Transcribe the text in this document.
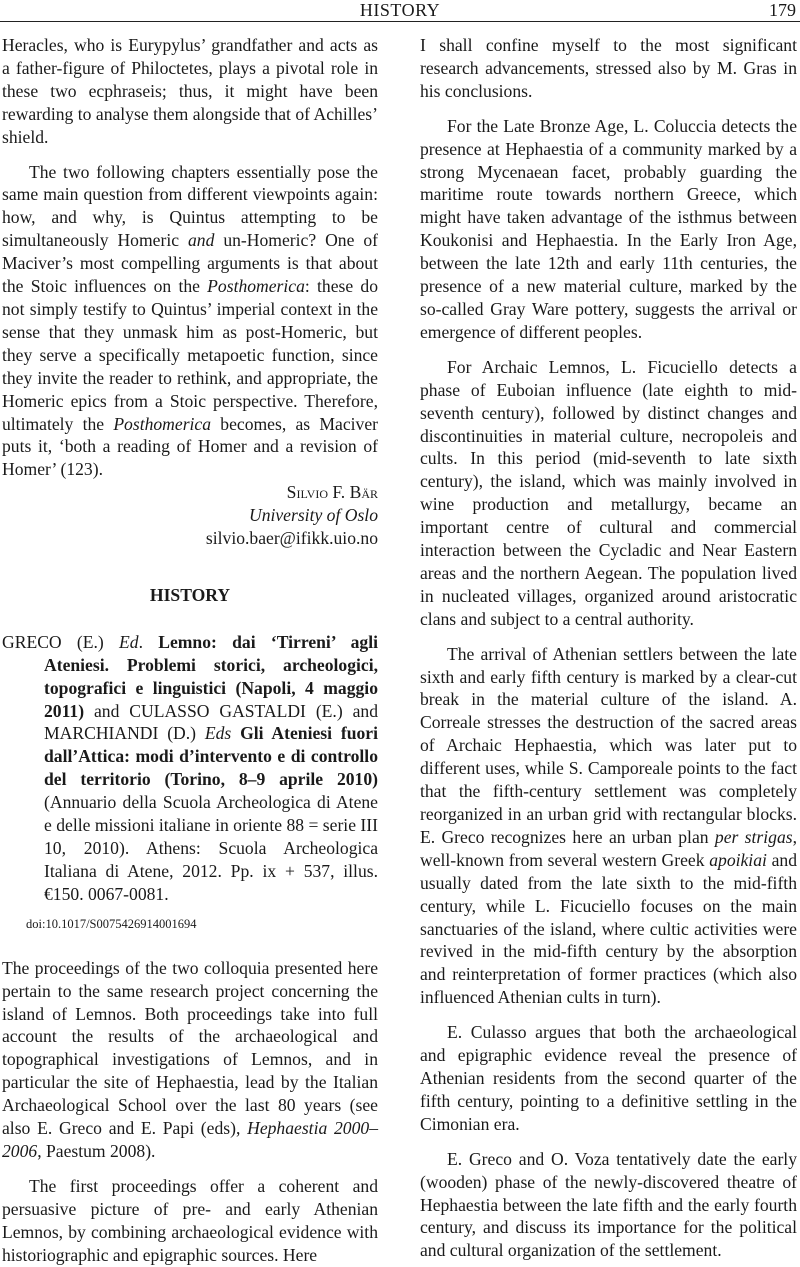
HISTORY	179

Heracles, who is Eurypylus’ grandfather and acts as a father-figure of Philoctetes, plays a pivotal role in these two ecphraseis; thus, it might have been rewarding to analyse them alongside that of Achilles’ shield.

The two following chapters essentially pose the same main question from different viewpoints again: how, and why, is Quintus attempting to be simultaneously Homeric and un-Homeric? One of Maciver’s most compelling arguments is that about the Stoic influences on the Posthomerica: these do not simply testify to Quintus’ imperial context in the sense that they unmask him as post-Homeric, but they serve a specifically metapoetic function, since they invite the reader to rethink, and appropriate, the Homeric epics from a Stoic perspective. Therefore, ultimately the Posthomerica becomes, as Maciver puts it, ‘both a reading of Homer and a revision of Homer’ (123).

Silvio F. Bär

University of Oslo

silvio.baer@ifikk.uio.no

HISTORY

GRECO (E.) Ed. Lemno: dai ‘Tirreni’ agli Ateniesi. Problemi storici, archeologici, topografici e linguistici (Napoli, 4 maggio 2011) and CULASSO GASTALDI (E.) and MARCHIANDI (D.) Eds Gli Ateniesi fuori dall’Attica: modi d’intervento e di controllo del territorio (Torino, 8–9 aprile 2010) (Annuario della Scuola Archeologica di Atene e delle missioni italiane in oriente 88 = serie III 10, 2010). Athens: Scuola Archeologica Italiana di Atene, 2012. Pp. ix + 537, illus. €150. 0067-0081.

doi:10.1017/S0075426914001694

The proceedings of the two colloquia presented here pertain to the same research project concerning the island of Lemnos. Both proceedings take into full account the results of the archaeological and topographical investigations of Lemnos, and in particular the site of Hephaestia, lead by the Italian Archaeological School over the last 80 years (see also E. Greco and E. Papi (eds), Hephaestia 2000–2006, Paestum 2008).

The first proceedings offer a coherent and persuasive picture of pre- and early Athenian Lemnos, by combining archaeological evidence with historiographic and epigraphic sources. Here

I shall confine myself to the most significant research advancements, stressed also by M. Gras in his conclusions.

For the Late Bronze Age, L. Coluccia detects the presence at Hephaestia of a community marked by a strong Mycenaean facet, probably guarding the maritime route towards northern Greece, which might have taken advantage of the isthmus between Koukonisi and Hephaestia. In the Early Iron Age, between the late 12th and early 11th centuries, the presence of a new material culture, marked by the so-called Gray Ware pottery, suggests the arrival or emergence of different peoples.

For Archaic Lemnos, L. Ficuciello detects a phase of Euboian influence (late eighth to mid-seventh century), followed by distinct changes and discontinuities in material culture, necropoleis and cults. In this period (mid-seventh to late sixth century), the island, which was mainly involved in wine production and metallurgy, became an important centre of cultural and commercial interaction between the Cycladic and Near Eastern areas and the northern Aegean. The population lived in nucleated villages, organized around aristocratic clans and subject to a central authority.

The arrival of Athenian settlers between the late sixth and early fifth century is marked by a clear-cut break in the material culture of the island. A. Correale stresses the destruction of the sacred areas of Archaic Hephaestia, which was later put to different uses, while S. Camporeale points to the fact that the fifth-century settlement was completely reorganized in an urban grid with rectangular blocks. E. Greco recognizes here an urban plan per strigas, well-known from several western Greek apoikiai and usually dated from the late sixth to the mid-fifth century, while L. Ficuciello focuses on the main sanctuaries of the island, where cultic activities were revived in the mid-fifth century by the absorption and reinterpretation of former practices (which also influenced Athenian cults in turn).

E. Culasso argues that both the archaeological and epigraphic evidence reveal the presence of Athenian residents from the second quarter of the fifth century, pointing to a definitive settling in the Cimonian era.

E. Greco and O. Voza tentatively date the early (wooden) phase of the newly-discovered theatre of Hephaestia between the late fifth and the early fourth century, and discuss its importance for the political and cultural organization of the settlement.
